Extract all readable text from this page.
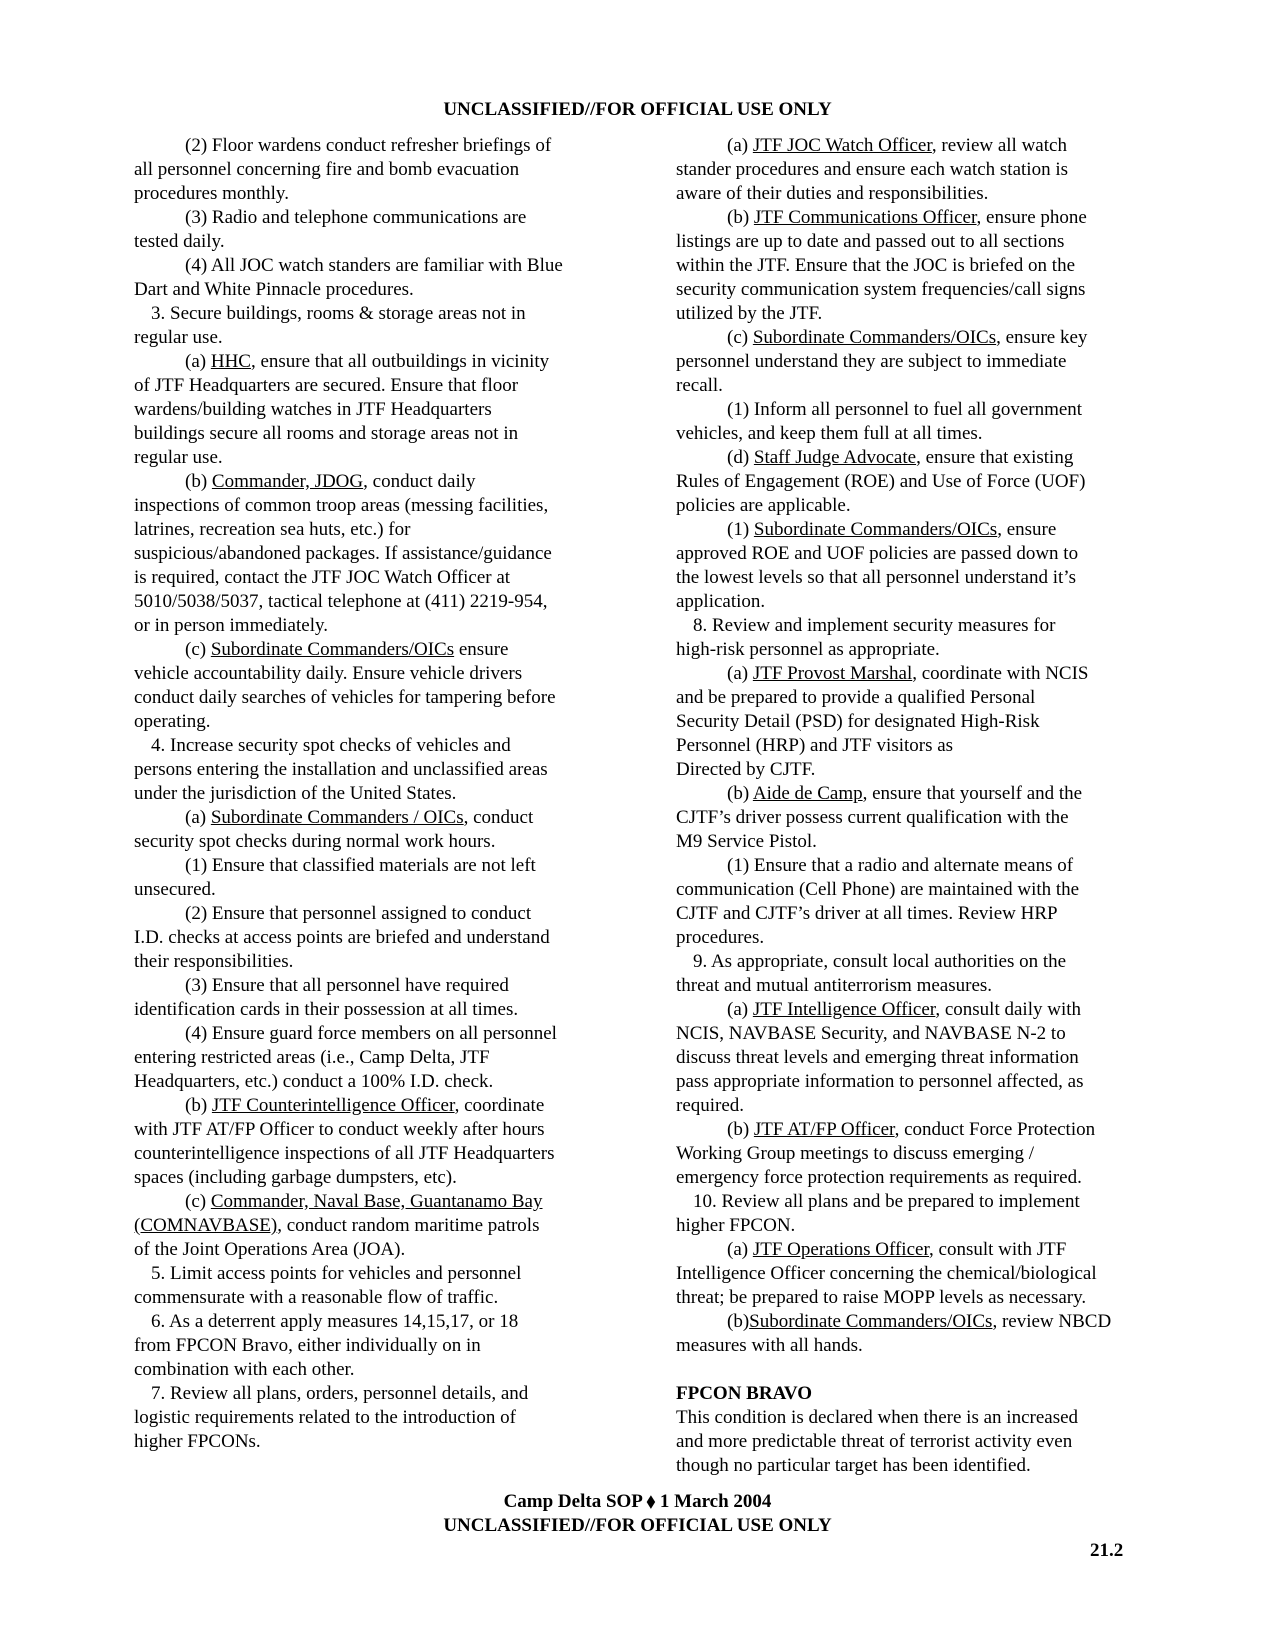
UNCLASSIFIED//FOR OFFICIAL USE ONLY
(2) Floor wardens conduct refresher briefings of
all personnel concerning fire and bomb evacuation
procedures monthly.
(3) Radio and telephone communications are
tested daily.
(4) All JOC watch standers are familiar with Blue
Dart and White Pinnacle procedures.
3. Secure buildings, rooms & storage areas not in
regular use.
(a) HHC, ensure that all outbuildings in vicinity
of JTF Headquarters are secured. Ensure that floor
wardens/building watches in JTF Headquarters
buildings secure all rooms and storage areas not in
regular use.
(b) Commander, JDOG, conduct daily
inspections of common troop areas (messing facilities,
latrines, recreation sea huts, etc.) for
suspicious/abandoned packages. If assistance/guidance
is required, contact the JTF JOC Watch Officer at
5010/5038/5037, tactical telephone at (411) 2219-954,
or in person immediately.
(c) Subordinate Commanders/OICs ensure
vehicle accountability daily. Ensure vehicle drivers
conduct daily searches of vehicles for tampering before
operating.
4. Increase security spot checks of vehicles and
persons entering the installation and unclassified areas
under the jurisdiction of the United States.
(a) Subordinate Commanders / OICs, conduct
security spot checks during normal work hours.
(1) Ensure that classified materials are not left
unsecured.
(2) Ensure that personnel assigned to conduct
I.D. checks at access points are briefed and understand
their responsibilities.
(3) Ensure that all personnel have required
identification cards in their possession at all times.
(4) Ensure guard force members on all personnel
entering restricted areas (i.e., Camp Delta, JTF
Headquarters, etc.) conduct a 100% I.D. check.
(b) JTF Counterintelligence Officer, coordinate
with JTF AT/FP Officer to conduct weekly after hours
counterintelligence inspections of all JTF Headquarters
spaces (including garbage dumpsters, etc).
(c) Commander, Naval Base, Guantanamo Bay
(COMNAVBASE), conduct random maritime patrols
of the Joint Operations Area (JOA).
5. Limit access points for vehicles and personnel
commensurate with a reasonable flow of traffic.
6. As a deterrent apply measures 14,15,17, or 18
from FPCON Bravo, either individually on in
combination with each other.
7. Review all plans, orders, personnel details, and
logistic requirements related to the introduction of
higher FPCONs.
(a) JTF JOC Watch Officer, review all watch
stander procedures and ensure each watch station is
aware of their duties and responsibilities.
(b) JTF Communications Officer, ensure phone
listings are up to date and passed out to all sections
within the JTF. Ensure that the JOC is briefed on the
security communication system frequencies/call signs
utilized by the JTF.
(c) Subordinate Commanders/OICs, ensure key
personnel understand they are subject to immediate
recall.
(1) Inform all personnel to fuel all government
vehicles, and keep them full at all times.
(d) Staff Judge Advocate, ensure that existing
Rules of Engagement (ROE) and Use of Force (UOF)
policies are applicable.
(1) Subordinate Commanders/OICs, ensure
approved ROE and UOF policies are passed down to
the lowest levels so that all personnel understand it’s
application.
8. Review and implement security measures for
high-risk personnel as appropriate.
(a) JTF Provost Marshal, coordinate with NCIS
and be prepared to provide a qualified Personal
Security Detail (PSD) for designated High-Risk
Personnel (HRP) and JTF visitors as
Directed by CJTF.
(b) Aide de Camp, ensure that yourself and the
CJTF’s driver possess current qualification with the
M9 Service Pistol.
(1) Ensure that a radio and alternate means of
communication (Cell Phone) are maintained with the
CJTF and CJTF’s driver at all times. Review HRP
procedures.
9. As appropriate, consult local authorities on the
threat and mutual antiterrorism measures.
(a) JTF Intelligence Officer, consult daily with
NCIS, NAVBASE Security, and NAVBASE N-2 to
discuss threat levels and emerging threat information
pass appropriate information to personnel affected, as
required.
(b) JTF AT/FP Officer, conduct Force Protection
Working Group meetings to discuss emerging /
emergency force protection requirements as required.
10. Review all plans and be prepared to implement
higher FPCON.
(a) JTF Operations Officer, consult with JTF
Intelligence Officer concerning the chemical/biological
threat; be prepared to raise MOPP levels as necessary.
(b)Subordinate Commanders/OICs, review NBCD
measures with all hands.
FPCON BRAVO
This condition is declared when there is an increased
and more predictable threat of terrorist activity even
though no particular target has been identified.
Camp Delta SOP ⬧ 1 March 2004
UNCLASSIFIED//FOR OFFICIAL USE ONLY
21.2
